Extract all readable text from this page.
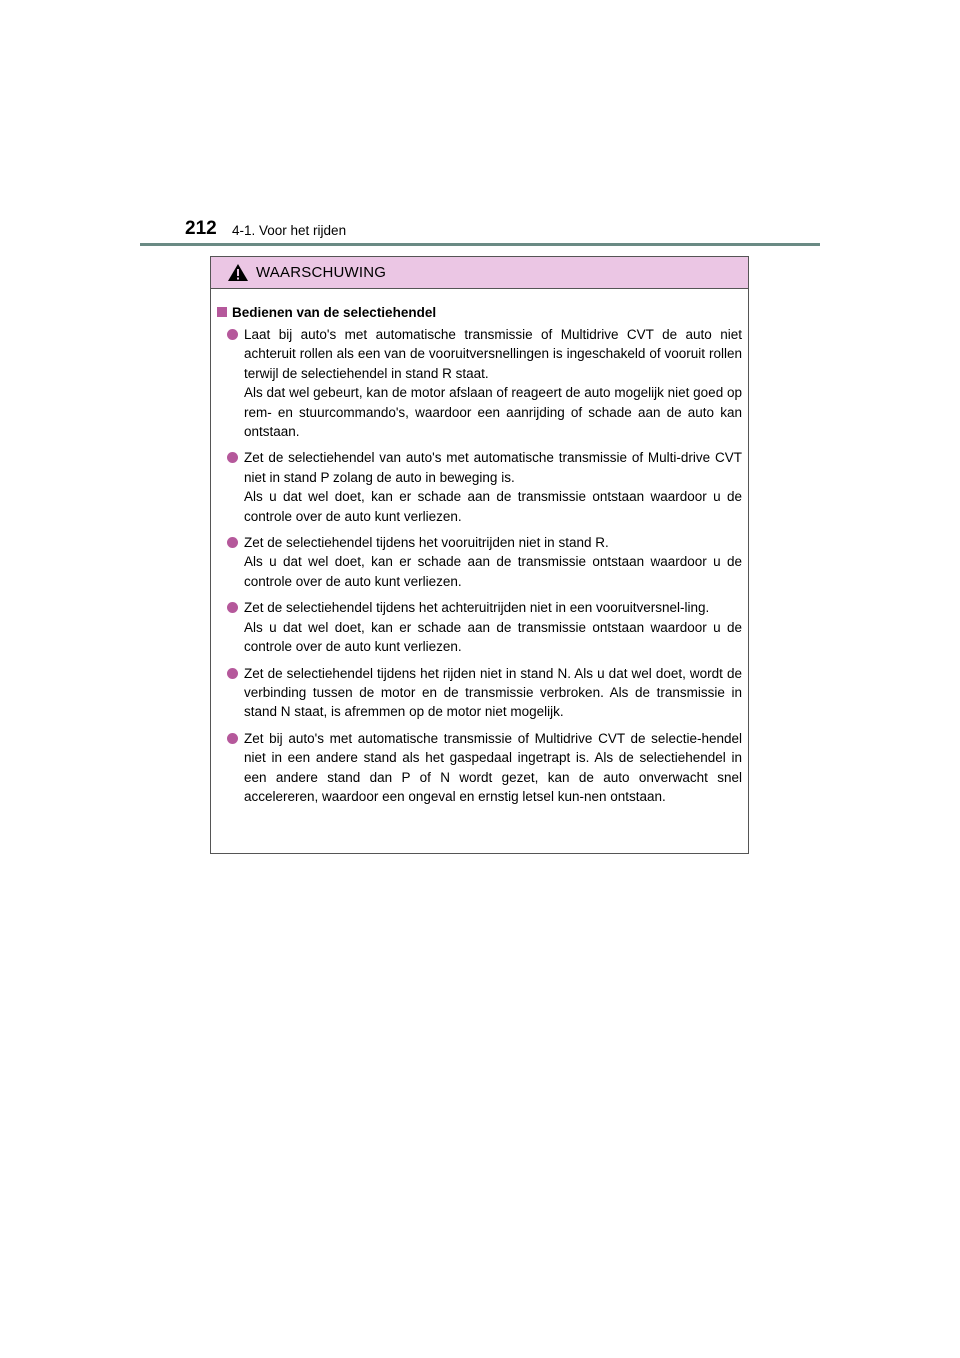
212 4-1. Voor het rijden
WAARSCHUWING
Bedienen van de selectiehendel
Laat bij auto's met automatische transmissie of Multidrive CVT de auto niet achteruit rollen als een van de vooruitversnellingen is ingeschakeld of vooruit rollen terwijl de selectiehendel in stand R staat.
Als dat wel gebeurt, kan de motor afslaan of reageert de auto mogelijk niet goed op rem- en stuurcommando's, waardoor een aanrijding of schade aan de auto kan ontstaan.
Zet de selectiehendel van auto's met automatische transmissie of Multi-drive CVT niet in stand P zolang de auto in beweging is.
Als u dat wel doet, kan er schade aan de transmissie ontstaan waardoor u de controle over de auto kunt verliezen.
Zet de selectiehendel tijdens het vooruitrijden niet in stand R.
Als u dat wel doet, kan er schade aan de transmissie ontstaan waardoor u de controle over de auto kunt verliezen.
Zet de selectiehendel tijdens het achteruitrijden niet in een vooruitversnel-ling.
Als u dat wel doet, kan er schade aan de transmissie ontstaan waardoor u de controle over de auto kunt verliezen.
Zet de selectiehendel tijdens het rijden niet in stand N. Als u dat wel doet, wordt de verbinding tussen de motor en de transmissie verbroken. Als de transmissie in stand N staat, is afremmen op de motor niet mogelijk.
Zet bij auto's met automatische transmissie of Multidrive CVT de selectie-hendel niet in een andere stand als het gaspedaal ingetrapt is. Als de selectiehendel in een andere stand dan P of N wordt gezet, kan de auto onverwacht snel accelereren, waardoor een ongeval en ernstig letsel kun-nen ontstaan.
